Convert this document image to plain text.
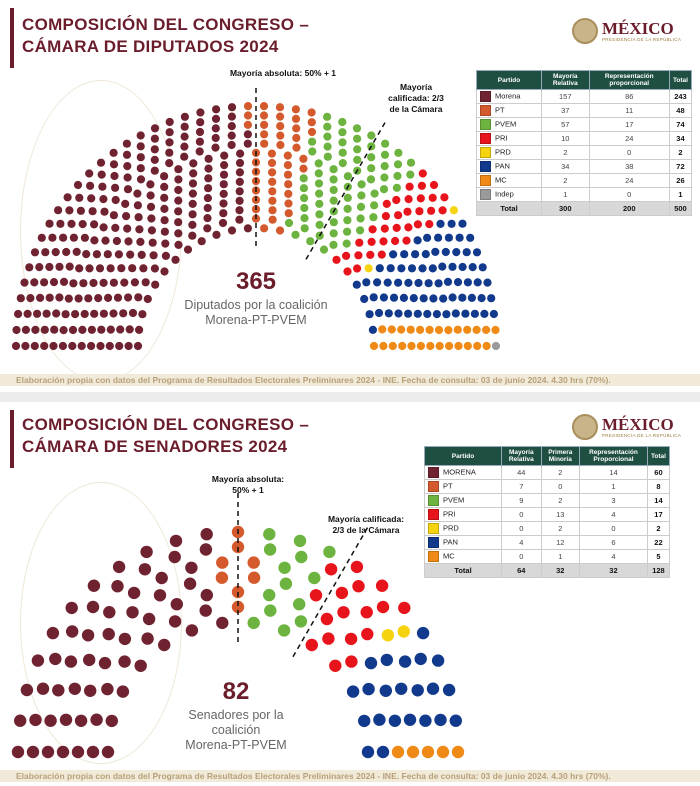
COMPOSICIÓN DEL CONGRESO –
CÁMARA DE DIPUTADOS 2024
MÉXICO
PRESIDENCIA DE LA REPÚBLICA
Mayoría absoluta: 50% + 1
Mayoría
calificada: 2/3
de la Cámara
365
Diputados por la coalición
Morena-PT-PVEM
Partido	Mayoría Relativa	Representación proporcional	Total
Morena	157	86	243
PT	37	11	48
PVEM	57	17	74
PRI	10	24	34
PRD	2	0	2
PAN	34	38	72
MC	2	24	26
Indep	1	0	1
Total	300	200	500
Elaboración propia con datos del Programa de Resultados Electorales Preliminares 2024 - INE. Fecha de consulta: 03 de junio 2024. 4.30 hrs (70%).
COMPOSICIÓN DEL CONGRESO –
CÁMARA DE SENADORES 2024
MÉXICO
PRESIDENCIA DE LA REPÚBLICA
Mayoría absoluta:
50% + 1
Mayoría calificada:
2/3 de la Cámara
82
Senadores por la
coalición
Morena-PT-PVEM
Partido	Mayoría Relativa	Primera Minoría	Representación Proporcional	Total
MORENA	44	2	14	60
PT	7	0	1	8
PVEM	9	2	3	14
PRI	0	13	4	17
PRD	0	2	0	2
PAN	4	12	6	22
MC	0	1	4	5
Total	64	32	32	128
Elaboración propia con datos del Programa de Resultados Electorales Preliminares 2024 - INE. Fecha de consulta: 03 de junio 2024. 4.30 hrs (70%).
